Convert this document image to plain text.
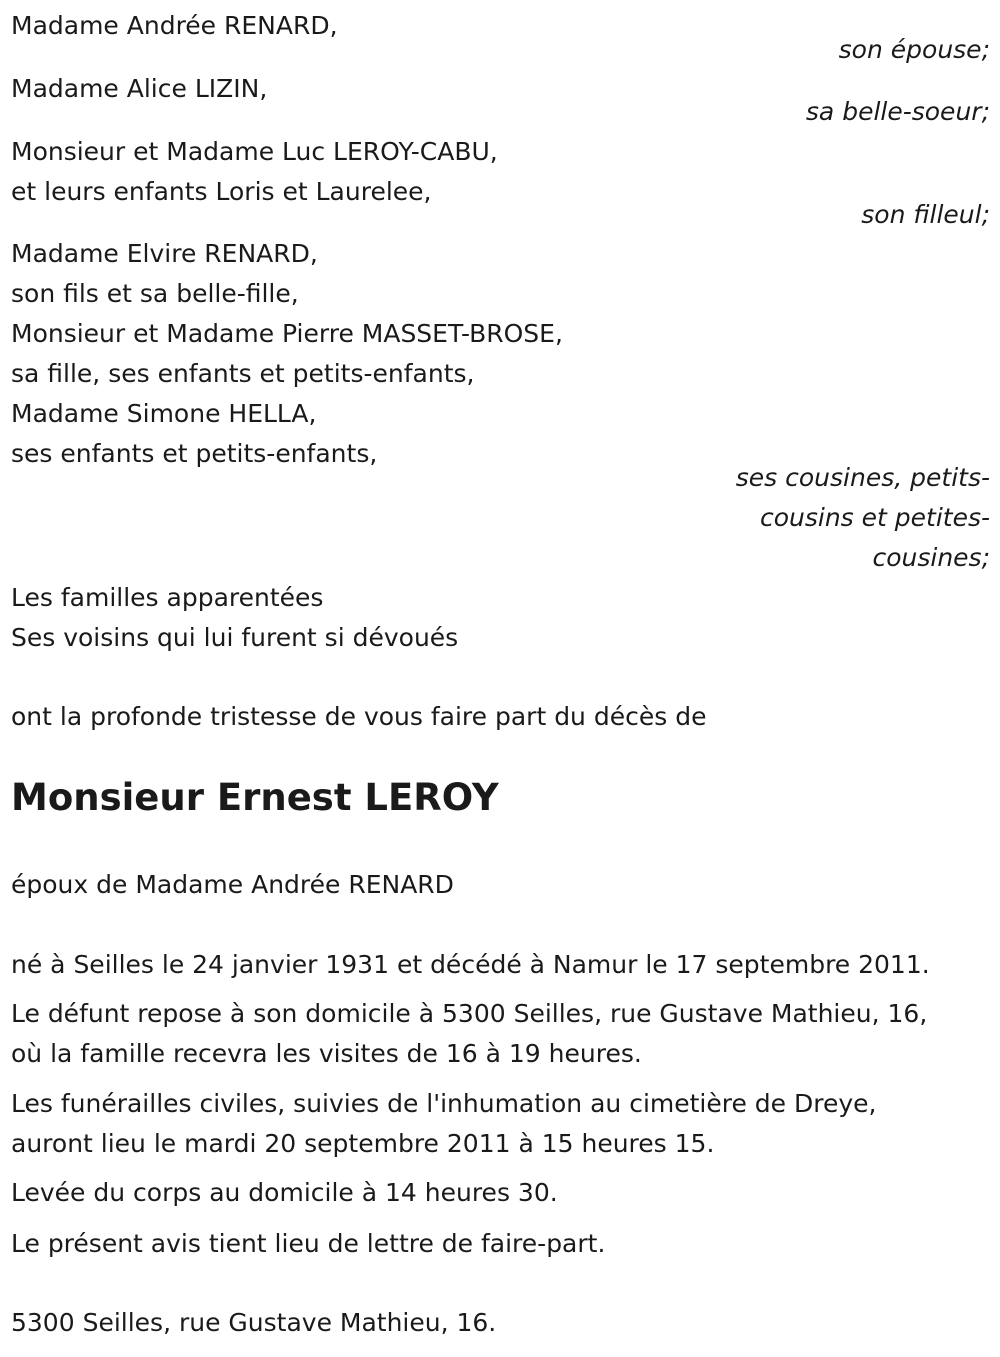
Madame Andrée RENARD,
son épouse;
Madame Alice LIZIN,
sa belle-soeur;
Monsieur et Madame Luc LEROY-CABU,
et leurs enfants Loris et Laurelee,
son filleul;
Madame Elvire RENARD,
son fils et sa belle-fille,
Monsieur et Madame Pierre MASSET-BROSE,
sa fille, ses enfants et petits-enfants,
Madame Simone HELLA,
ses enfants et petits-enfants,
ses cousines, petits-
cousins et petites-
cousines;
Les familles apparentées
Ses voisins qui lui furent si dévoués
ont la profonde tristesse de vous faire part du décès de
Monsieur Ernest LEROY
époux de Madame Andrée RENARD
né à Seilles le 24 janvier 1931 et décédé à Namur le 17 septembre 2011.
Le défunt repose à son domicile à 5300 Seilles, rue Gustave Mathieu, 16,
où la famille recevra les visites de 16 à 19 heures.
Les funérailles civiles, suivies de l'inhumation au cimetière de Dreye,
auront lieu le mardi 20 septembre 2011 à 15 heures 15.
Levée du corps au domicile à 14 heures 30.
Le présent avis tient lieu de lettre de faire-part.
5300 Seilles, rue Gustave Mathieu, 16.
